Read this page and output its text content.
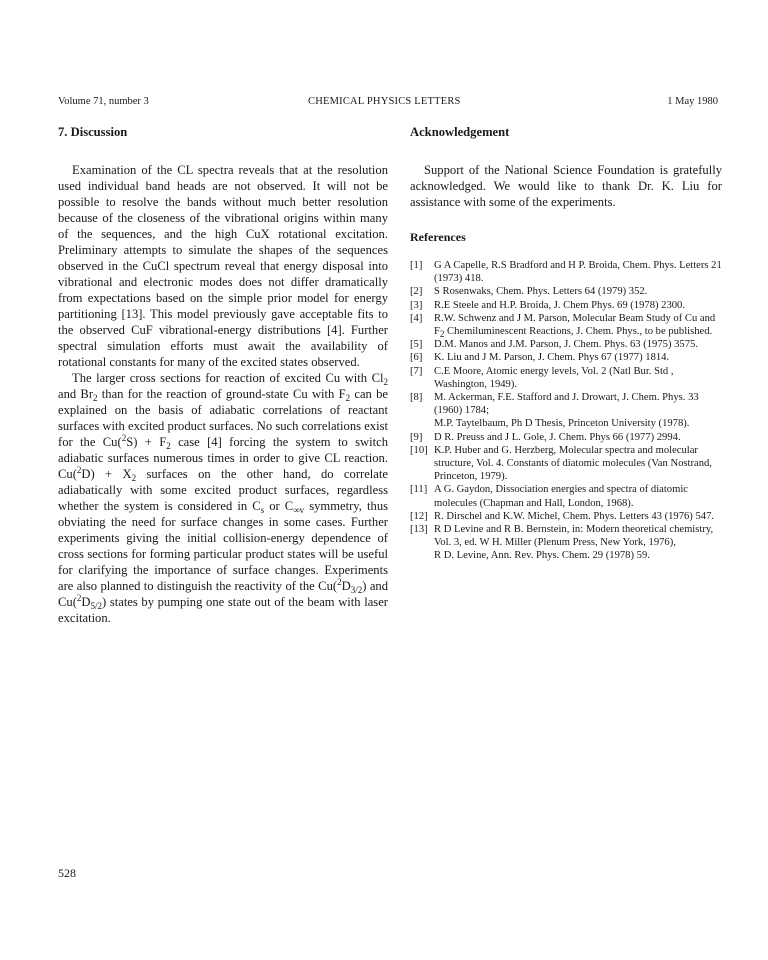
Volume 71, number 3	CHEMICAL PHYSICS LETTERS	1 May 1980

7. Discussion

Examination of the CL spectra reveals that at the resolution used individual band heads are not observed. It will not be possible to resolve the bands without much better resolution because of the closeness of the vibrational origins within many of the sequences, and the high CuX rotational excitation. Preliminary attempts to simulate the shapes of the sequences observed in the CuCl spectrum reveal that energy disposal into vibrational and electronic modes does not differ dramatically from expectations based on the simple prior model for energy partitioning [13]. This model previously gave acceptable fits to the observed CuF vibrational-energy distributions [4]. Further spectral simulation efforts must await the availability of rotational constants for many of the excited states observed.

The larger cross sections for reaction of excited Cu with $Cl_2$ and $Br_2$ than for the reaction of ground-state Cu with $F_2$ can be explained on the basis of adiabatic correlations of reactant surfaces with excited product surfaces. No such correlations exist for the $Cu(^2S) + F_2$ case [4] forcing the system to switch adiabatic surfaces numerous times in order to give CL reaction. $Cu(^2D) + X_2$ surfaces on the other hand, do correlate adiabatically with some excited product surfaces, regardless whether the system is considered in $C_s$ or $C_{\infty v}$ symmetry, thus obviating the need for surface changes in some cases. Further experiments giving the initial collision-energy dependence of cross sections for forming particular product states will be useful for clarifying the importance of surface changes. Experiments are also planned to distinguish the reactivity of the $Cu(^2D_{3/2})$ and $Cu(^2D_{5/2})$ states by pumping one state out of the beam with laser excitation.

Acknowledgement

Support of the National Science Foundation is gratefully acknowledged. We would like to thank Dr. K. Liu for assistance with some of the experiments.

References

[1]	G A Capelle, R.S Bradford and H P. Broida, Chem. Phys. Letters 21 (1973) 418.
[2]	S Rosenwaks, Chem. Phys. Letters 64 (1979) 352.
[3]	R.E Steele and H.P. Broida, J. Chem Phys. 69 (1978) 2300.
[4]	R.W. Schwenz and J M. Parson, Molecular Beam Study of Cu and $F_2$ Chemiluminescent Reactions, J. Chem. Phys., to be published.
[5]	D.M. Manos and J.M. Parson, J. Chem. Phys. 63 (1975) 3575.
[6]	K. Liu and J M. Parson, J. Chem. Phys 67 (1977) 1814.
[7]	C.E Moore, Atomic energy levels, Vol. 2 (Natl Bur. Std , Washington, 1949).
[8]	M. Ackerman, F.E. Stafford and J. Drowart, J. Chem. Phys. 33 (1960) 1784;
M.P. Taytelbaum, Ph D Thesis, Princeton University (1978).
[9]	D R. Preuss and J L. Gole, J. Chem. Phys 66 (1977) 2994.
[10] K.P. Huber and G. Herzberg, Molecular spectra and molecular structure, Vol. 4. Constants of diatomic molecules (Van Nostrand, Princeton, 1979).
[11] A G. Gaydon, Dissociation energies and spectra of diatomic molecules (Chapman and Hall, London, 1968).
[12] R. Dirschel and K.W. Michel, Chem. Phys. Letters 43 (1976) 547.
[13] R D Levine and R B. Bernstein, in: Modern theoretical chemistry, Vol. 3, ed. W H. Miller (Plenum Press, New York, 1976),
R D. Levine, Ann. Rev. Phys. Chem. 29 (1978) 59.
528
